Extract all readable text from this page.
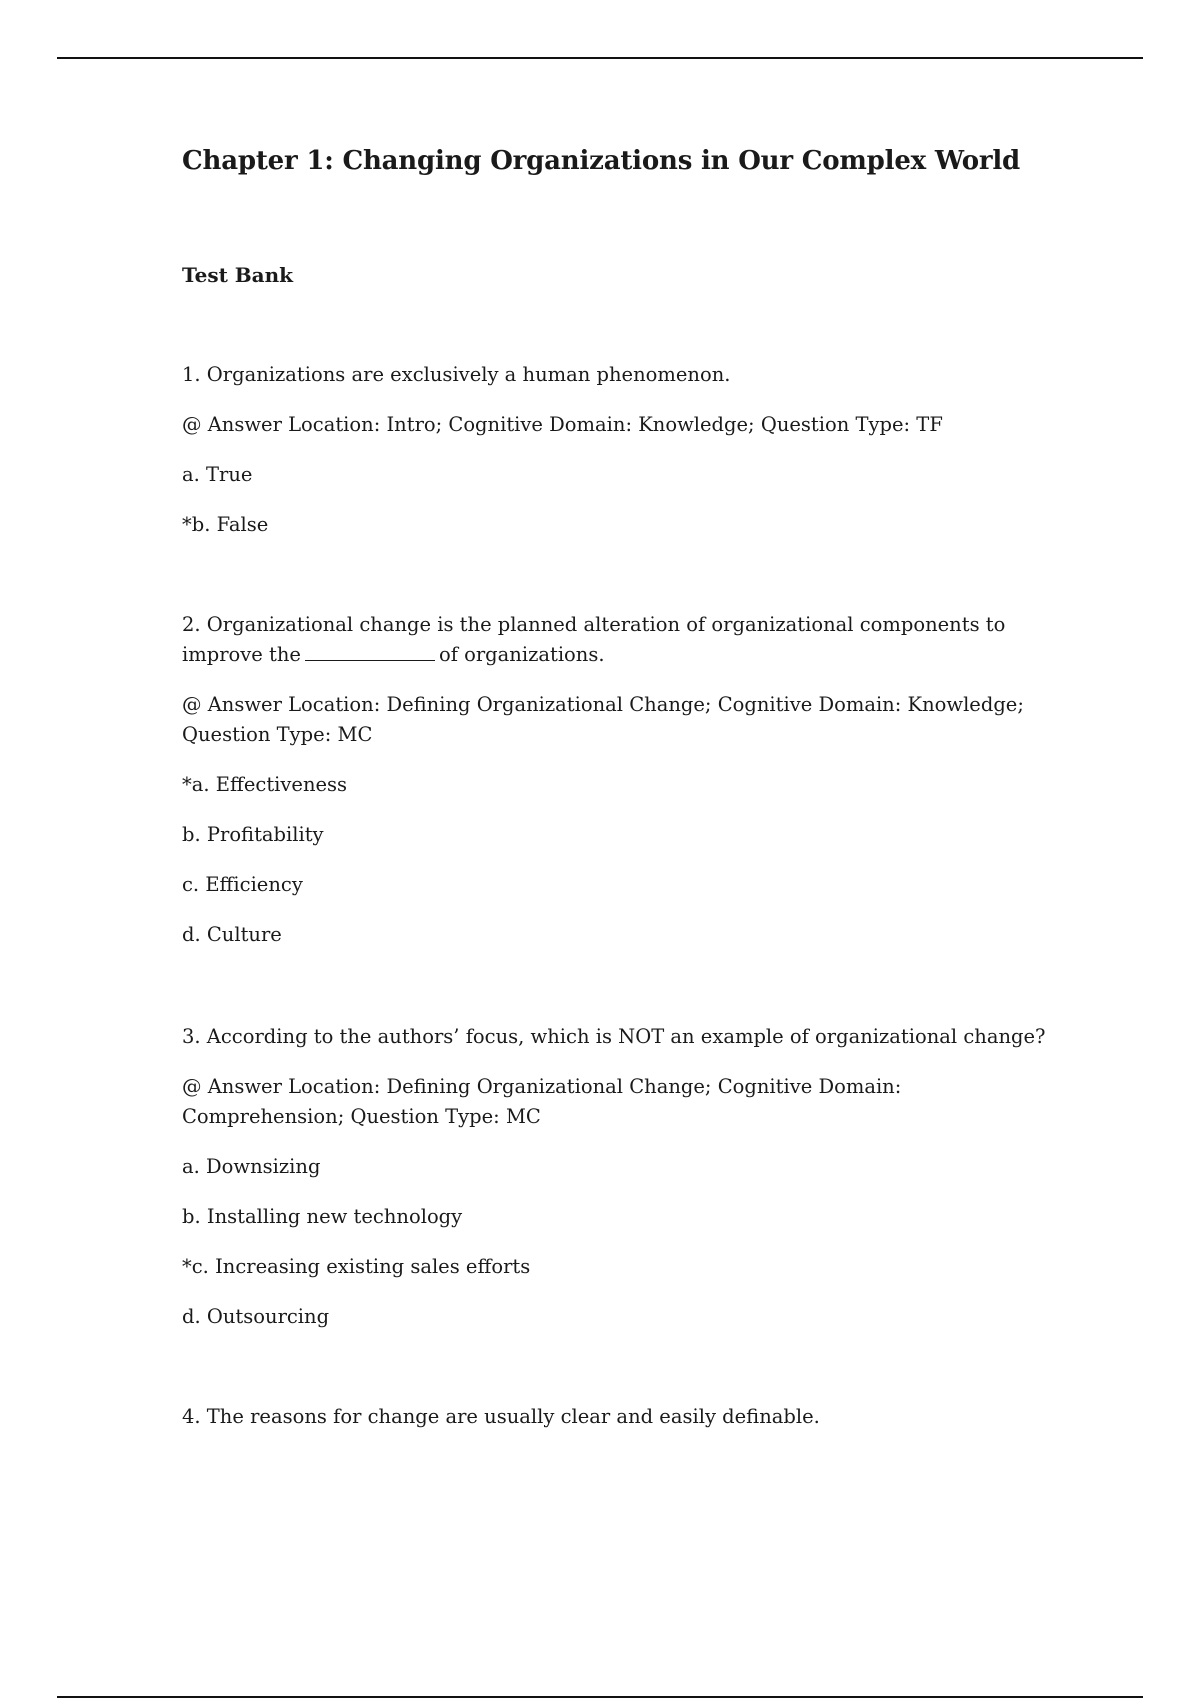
Chapter 1: Changing Organizations in Our Complex World
Test Bank

1. Organizations are exclusively a human phenomenon.

@ Answer Location: Intro; Cognitive Domain: Knowledge; Question Type: TF

a. True

*b. False

2. Organizational change is the planned alteration of organizational components to improve the	of organizations.

@ Answer Location: Defining Organizational Change; Cognitive Domain: Knowledge; Question Type: MC

*a. Effectiveness

b. Profitability

c. Efficiency

d. Culture

3. According to the authors’ focus, which is NOT an example of organizational change?

@ Answer Location: Defining Organizational Change; Cognitive Domain: Comprehension; Question Type: MC

a. Downsizing

b. Installing new technology

*c. Increasing existing sales efforts

d. Outsourcing

4. The reasons for change are usually clear and easily definable.
